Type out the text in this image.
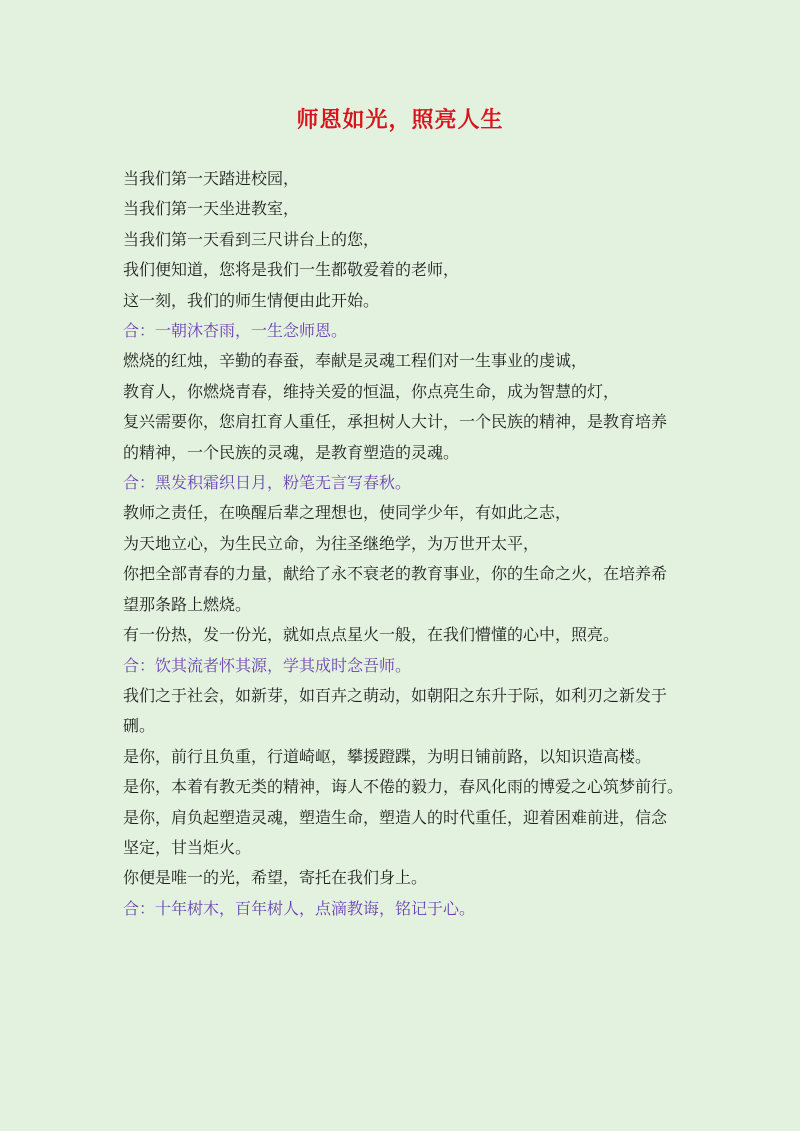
师恩如光，照亮人生
当我们第一天踏进校园，
当我们第一天坐进教室，
当我们第一天看到三尺讲台上的您，
我们便知道，您将是我们一生都敬爱着的老师，
这一刻，我们的师生情便由此开始。
合：一朝沐杏雨，一生念师恩。
燃烧的红烛，辛勤的春蚕，奉献是灵魂工程们对一生事业的虔诚，
教育人，你燃烧青春，维持关爱的恒温，你点亮生命，成为智慧的灯，
复兴需要你，您肩扛育人重任，承担树人大计，一个民族的精神，是教育培养
的精神，一个民族的灵魂，是教育塑造的灵魂。
合：黑发积霜织日月，粉笔无言写春秋。
教师之责任，在唤醒后辈之理想也，使同学少年，有如此之志，
为天地立心，为生民立命，为往圣继绝学，为万世开太平，
你把全部青春的力量，献给了永不衰老的教育事业，你的生命之火，在培养希
望那条路上燃烧。
有一份热，发一份光，就如点点星火一般，在我们懵懂的心中，照亮。
合：饮其流者怀其源，学其成时念吾师。
我们之于社会，如新芽，如百卉之萌动，如朝阳之东升于际，如利刃之新发于
硎。
是你，前行且负重，行道崎岖，攀援蹬蹀，为明日铺前路，以知识造高楼。
是你，本着有教无类的精神，诲人不倦的毅力，春风化雨的博爱之心筑梦前行。
是你，肩负起塑造灵魂，塑造生命，塑造人的时代重任，迎着困难前进，信念
坚定，甘当炬火。
你便是唯一的光，希望，寄托在我们身上。
合：十年树木，百年树人，点滴教诲，铭记于心。
